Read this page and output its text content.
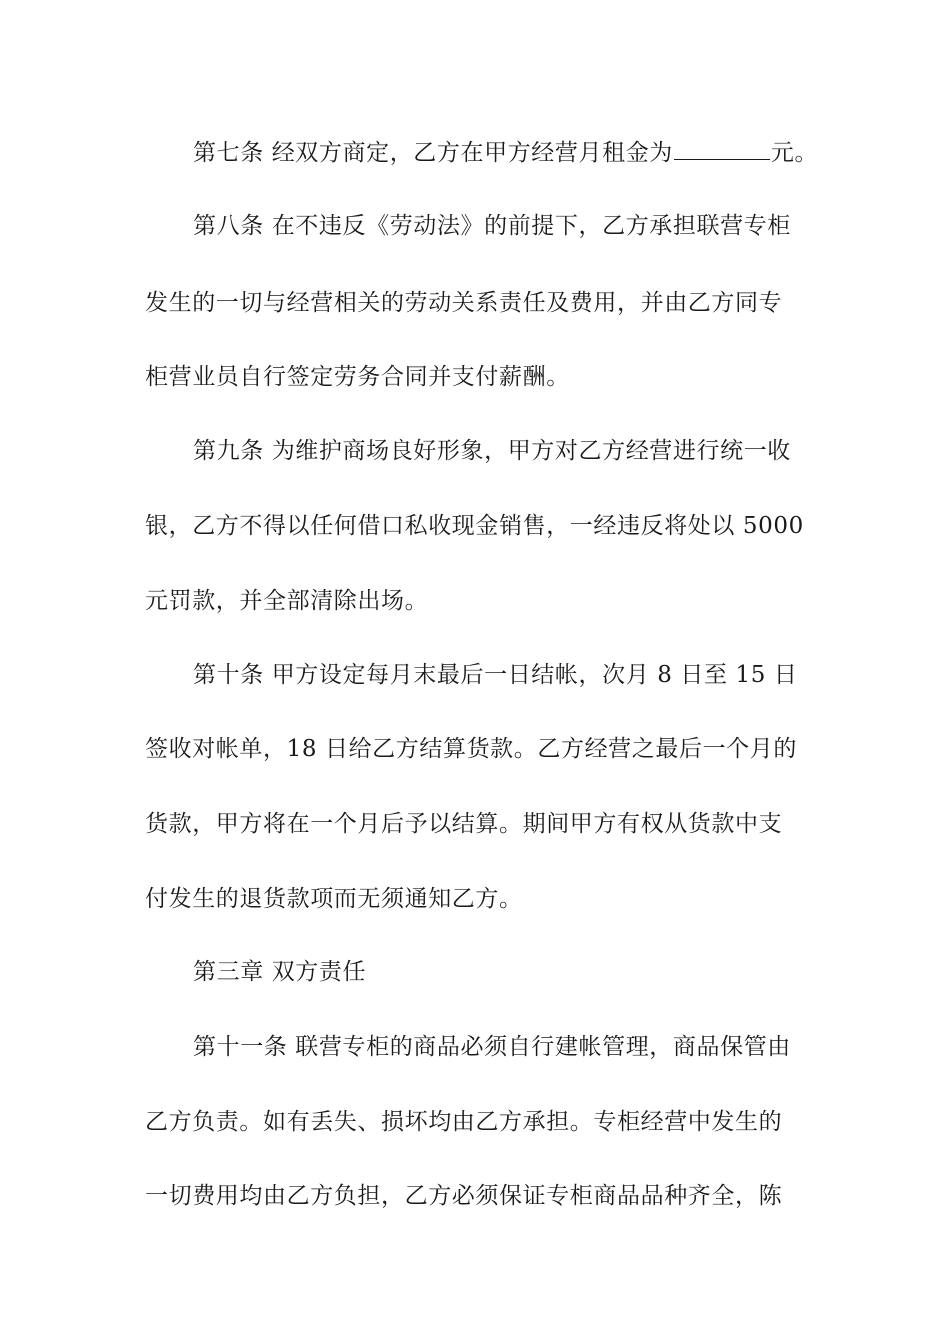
第七条 经双方商定，乙方在甲方经营月租金为	元。
第八条 在不违反《劳动法》的前提下，乙方承担联营专柜
发生的一切与经营相关的劳动关系责任及费用，并由乙方同专
柜营业员自行签定劳务合同并支付薪酬。
第九条 为维护商场良好形象，甲方对乙方经营进行统一收
银，乙方不得以任何借口私收现金销售，一经违反将处以 5000
元罚款，并全部清除出场。
第十条 甲方设定每月末最后一日结帐，次月 8 日至 15 日
签收对帐单，18 日给乙方结算货款。乙方经营之最后一个月的
货款，甲方将在一个月后予以结算。期间甲方有权从货款中支
付发生的退货款项而无须通知乙方。
第三章 双方责任
第十一条 联营专柜的商品必须自行建帐管理，商品保管由
乙方负责。如有丢失、损坏均由乙方承担。专柜经营中发生的
一切费用均由乙方负担，乙方必须保证专柜商品品种齐全，陈
